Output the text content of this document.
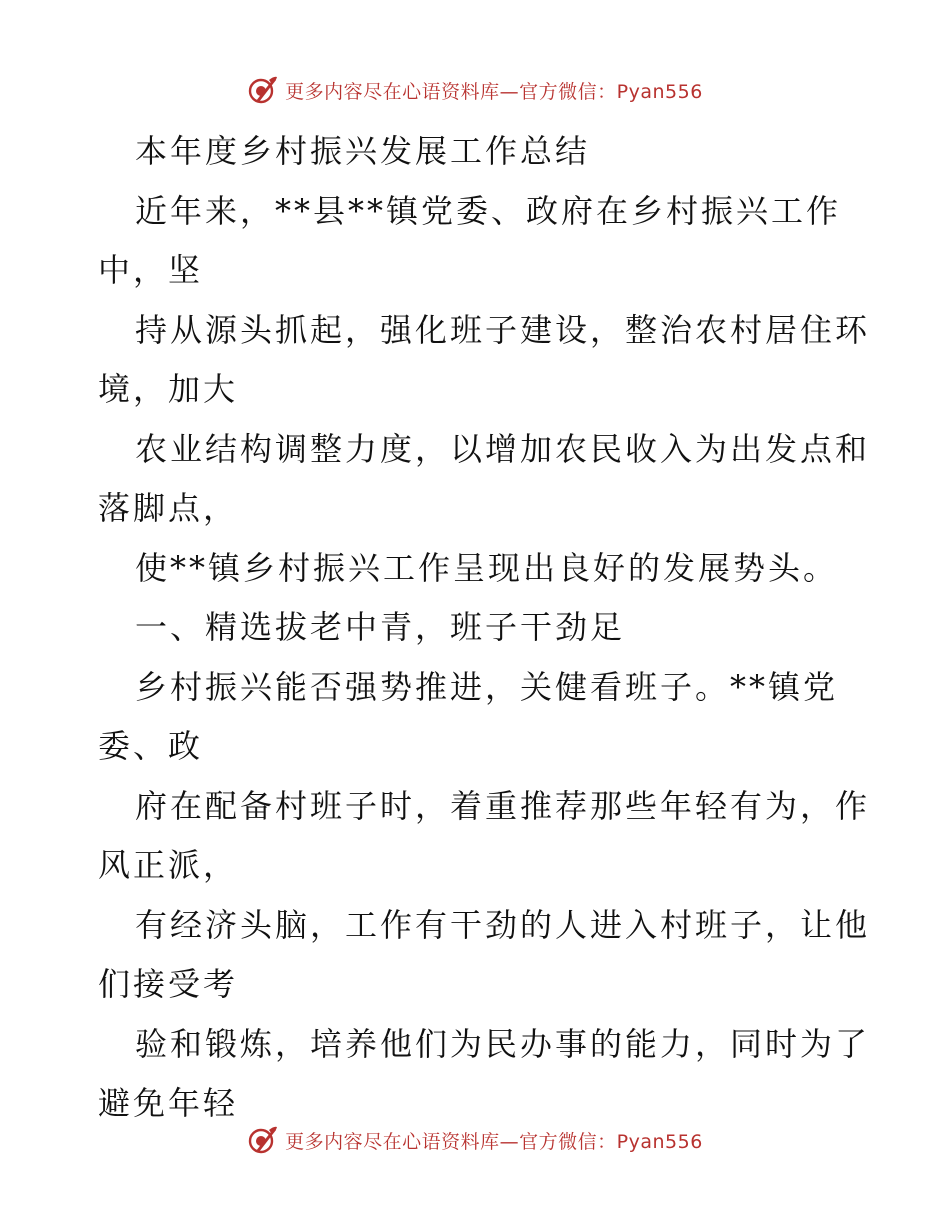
更多内容尽在心语资料库—官方微信：Pyan556
本年度乡村振兴发展工作总结
近年来，**县**镇党委、政府在乡村振兴工作
中，坚
持从源头抓起，强化班子建设，整治农村居住环
境，加大
农业结构调整力度，以增加农民收入为出发点和
落脚点，
使**镇乡村振兴工作呈现出良好的发展势头。
一、精选拔老中青，班子干劲足
乡村振兴能否强势推进，关健看班子。**镇党
委、政
府在配备村班子时，着重推荐那些年轻有为，作
风正派，
有经济头脑，工作有干劲的人进入村班子，让他
们接受考
验和锻炼，培养他们为民办事的能力，同时为了
避免年轻
更多内容尽在心语资料库—官方微信：Pyan556
